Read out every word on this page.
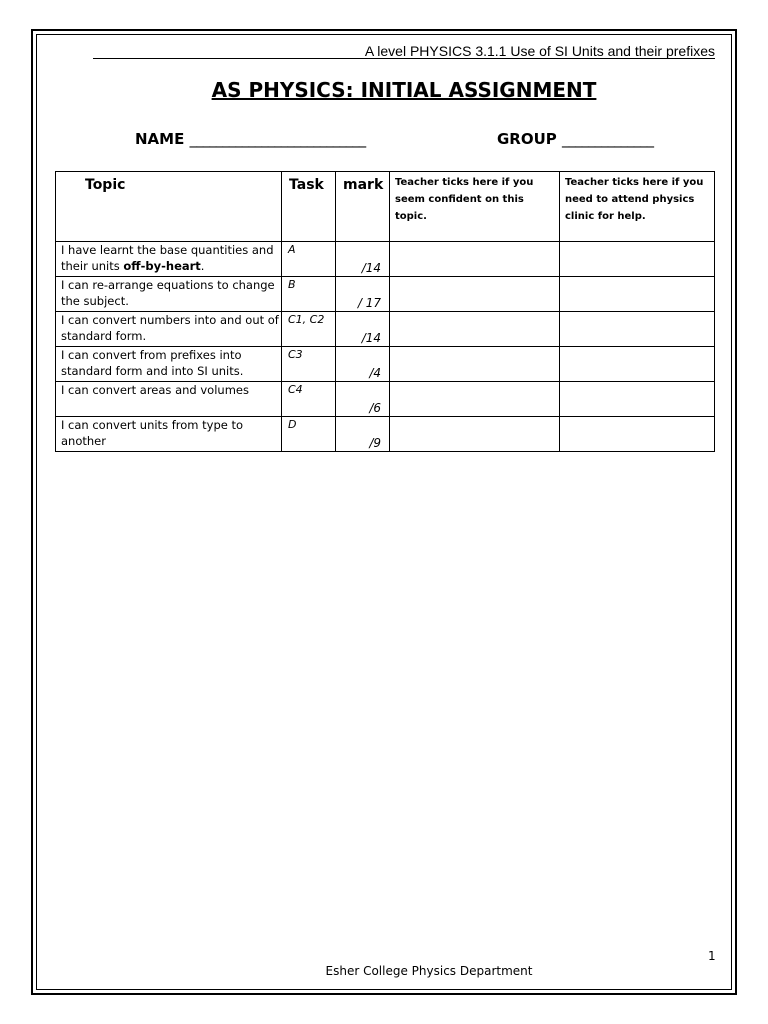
A level PHYSICS 3.1.1 Use of SI Units and their prefixes
AS PHYSICS: INITIAL ASSIGNMENT
NAME ___________________________	GROUP ______________
Topic	Task	mark	Teacher ticks here if you seem confident on this topic.	Teacher ticks here if you need to attend physics clinic for help.
I have learnt the base quantities and their units off-by-heart.	A	/14		
I can re-arrange equations to change the subject.	B	/ 17		
I can convert numbers into and out of standard form.	C1, C2	/14		
I can convert from prefixes into standard form and into SI units.	C3	/4		
I can convert areas and volumes	C4	/6		
I can convert units from type to another	D	/9		
1
Esher College Physics Department
